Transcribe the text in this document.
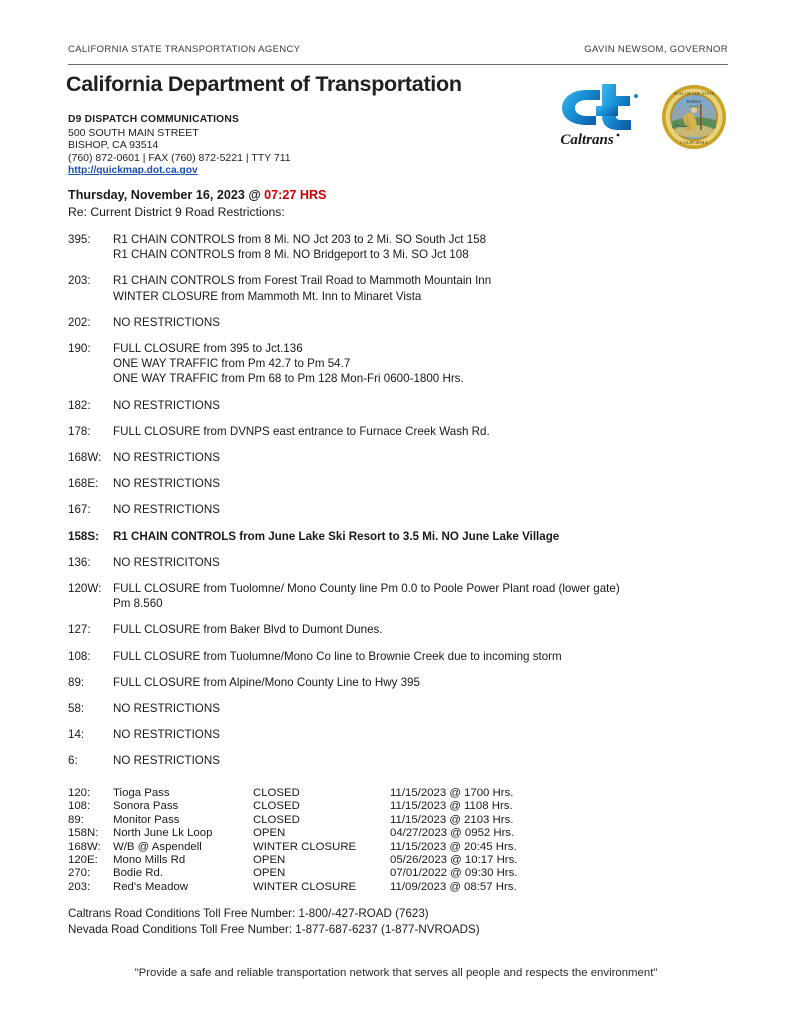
CALIFORNIA STATE TRANSPORTATION AGENCY	GAVIN NEWSOM, GOVERNOR
California Department of Transportation
D9 DISPATCH COMMUNICATIONS
500 SOUTH MAIN STREET
BISHOP, CA 93514
(760) 872-0601 | FAX (760) 872-5221 | TTY 711
http://quickmap.dot.ca.gov
Caltrans
SEAL OF THE STATE
CALIFORNIA
EUREKA
Thursday, November 16, 2023 @ 07:27 HRS
Re: Current District 9 Road Restrictions:
395:	R1 CHAIN CONTROLS from 8 Mi. NO Jct 203 to 2 Mi. SO South Jct 158
R1 CHAIN CONTROLS from 8 Mi. NO Bridgeport to 3 Mi. SO Jct 108
203:	R1 CHAIN CONTROLS from Forest Trail Road to Mammoth Mountain Inn
WINTER CLOSURE from Mammoth Mt. Inn to Minaret Vista
202:	NO RESTRICTIONS
190:	FULL CLOSURE from 395 to Jct.136
ONE WAY TRAFFIC from Pm 42.7 to Pm 54.7
ONE WAY TRAFFIC from Pm 68 to Pm 128 Mon-Fri 0600-1800 Hrs.
182:	NO RESTRICTIONS
178:	FULL CLOSURE from DVNPS east entrance to Furnace Creek Wash Rd.
168W:	NO RESTRICTIONS
168E:	NO RESTRICTIONS
167:	NO RESTRICTIONS
158S:	R1 CHAIN CONTROLS from June Lake Ski Resort to 3.5 Mi. NO June Lake Village
136:	NO RESTRICITONS
120W:	FULL CLOSURE from Tuolomne/ Mono County line Pm 0.0 to Poole Power Plant road (lower gate)
Pm 8.560
127:	FULL CLOSURE from Baker Blvd to Dumont Dunes.
108:	FULL CLOSURE from Tuolumne/Mono Co line to Brownie Creek due to incoming storm
89:	FULL CLOSURE from Alpine/Mono County Line to Hwy 395
58:	NO RESTRICTIONS
14:	NO RESTRICTIONS
6:	NO RESTRICTIONS
120:	Tioga Pass	CLOSED	11/15/2023 @ 1700 Hrs.
108:	Sonora Pass	CLOSED	11/15/2023 @ 1108 Hrs.
89:	Monitor Pass	CLOSED	11/15/2023 @ 2103 Hrs.
158N:	North June Lk Loop	OPEN	04/27/2023 @ 0952 Hrs.
168W:	W/B @ Aspendell	WINTER CLOSURE	11/15/2023 @ 20:45 Hrs.
120E:	Mono Mills Rd	OPEN	05/26/2023 @ 10:17 Hrs.
270:	Bodie Rd.	OPEN	07/01/2022 @ 09:30 Hrs.
203:	Red's Meadow	WINTER CLOSURE	11/09/2023 @ 08:57 Hrs.
Caltrans Road Conditions Toll Free Number: 1-800/-427-ROAD (7623)
Nevada Road Conditions Toll Free Number: 1-877-687-6237 (1-877-NVROADS)
"Provide a safe and reliable transportation network that serves all people and respects the environment"
